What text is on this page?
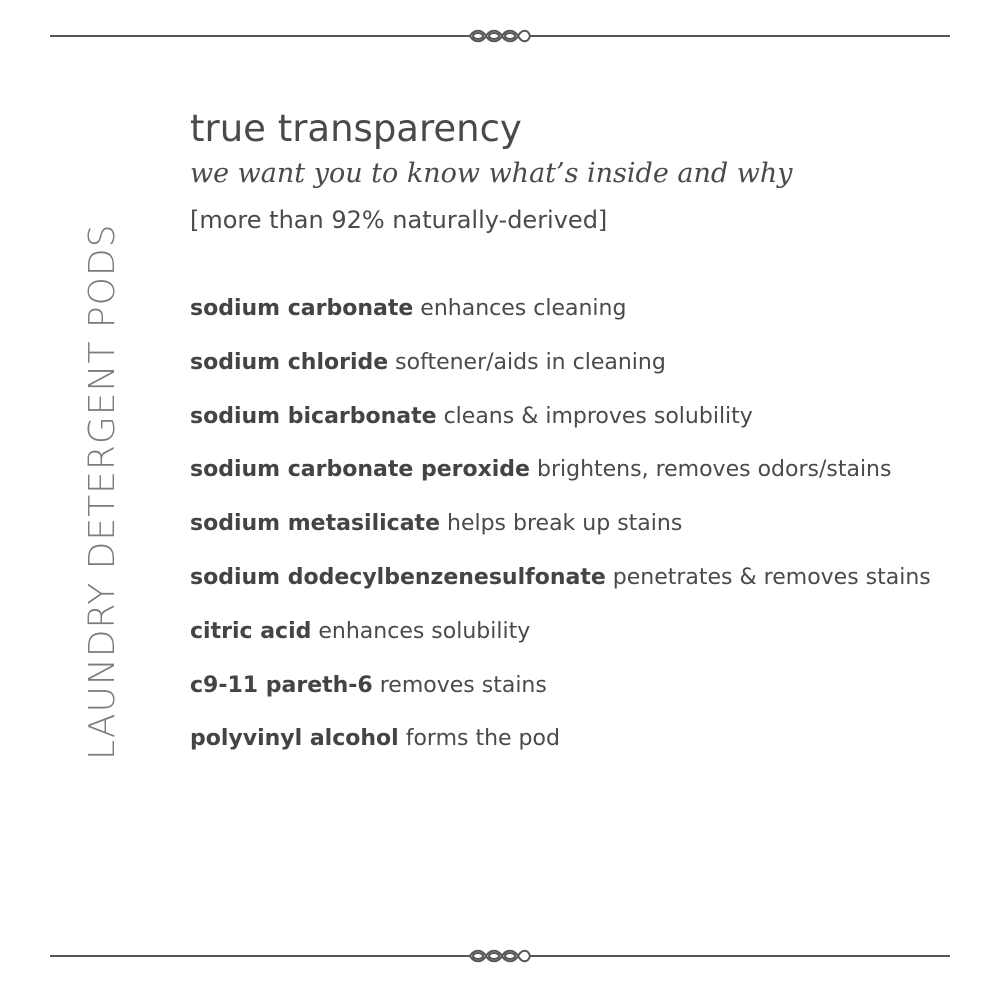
LAUNDRY DETERGENT PODS
true transparency

we want you to know what’s inside and why

[more than 92% naturally-derived]

sodium carbonate enhances cleaning
sodium chloride softener/aids in cleaning
sodium bicarbonate cleans & improves solubility
sodium carbonate peroxide brightens, removes odors/stains
sodium metasilicate helps break up stains
sodium dodecylbenzenesulfonate penetrates & removes stains
citric acid enhances solubility
c9-11 pareth-6 removes stains
polyvinyl alcohol forms the pod
